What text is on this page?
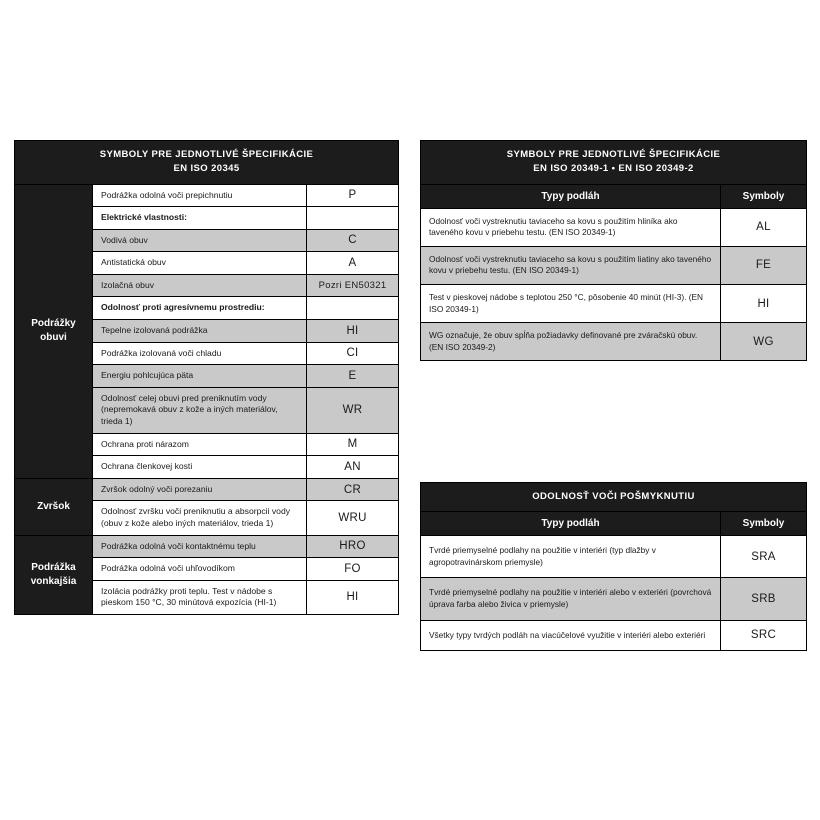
SYMBOLY PRE JEDNOTLIVÉ ŠPECIFIKÁCIE
EN ISO 20345		

Podrážky obuvi	Podrážka odolná voči prepichnutiu	P
	Elektrické vlastnosti:	
	Vodivá obuv	C
	Antistatická obuv	A
	Izolačná obuv	Pozri EN50321
	Odolnosť proti agresívnemu prostrediu:	
	Tepelne izolovaná podrážka	HI
	Podrážka izolovaná voči chladu	CI
	Energiu pohlcujúca päta	E
	Odolnosť celej obuvi pred preniknutím vody (nepremokavá obuv z kože a iných materiálov, trieda 1)	WR
	Ochrana proti nárazom	M
	Ochrana členkovej kosti	AN

Zvršok	Zvršok odolný voči porezaniu	CR
	Odolnosť zvršku voči preniknutiu a absorpcii vody (obuv z kože alebo iných materiálov, trieda 1)	WRU

Podrážka vonkajšia	Podrážka odolná voči kontaktnému teplu	HRO
	Podrážka odolná voči uhľovodíkom	FO
	Izolácia podrážky proti teplu. Test v nádobe s pieskom 150 °C, 30 minútová expozícia (HI-1)	HI
SYMBOLY PRE JEDNOTLIVÉ ŠPECIFIKÁCIE
EN ISO 20349-1 • EN ISO 20349-2	

Typy podláh	Symboly
Odolnosť voči vystreknutiu taviaceho sa kovu s použitím hliníka ako taveného kovu v priebehu testu. (EN ISO 20349-1)	AL
Odolnosť voči vystreknutiu taviaceho sa kovu s použitím liatiny ako taveného kovu v priebehu testu. (EN ISO 20349-1)	FE
Test v pieskovej nádobe s teplotou 250 °C, pôsobenie 40 minút (HI-3). (EN ISO 20349-1)	HI
WG označuje, že obuv spĺňa požiadavky definované pre zváračskú obuv. (EN ISO 20349-2)	WG
ODOLNOSŤ VOČI POŠMYKNUTIU	
Typy podláh	Symboly
Tvrdé priemyselné podlahy na použitie v interiéri (typ dlažby v agropotravinárskom priemysle)	SRA
Tvrdé priemyselné podlahy na použitie v interiéri alebo v exteriéri (povrchová úprava farba alebo živica v priemysle)	SRB
Všetky typy tvrdých podláh na viacúčelové využitie v interiéri alebo exteriéri	SRC
